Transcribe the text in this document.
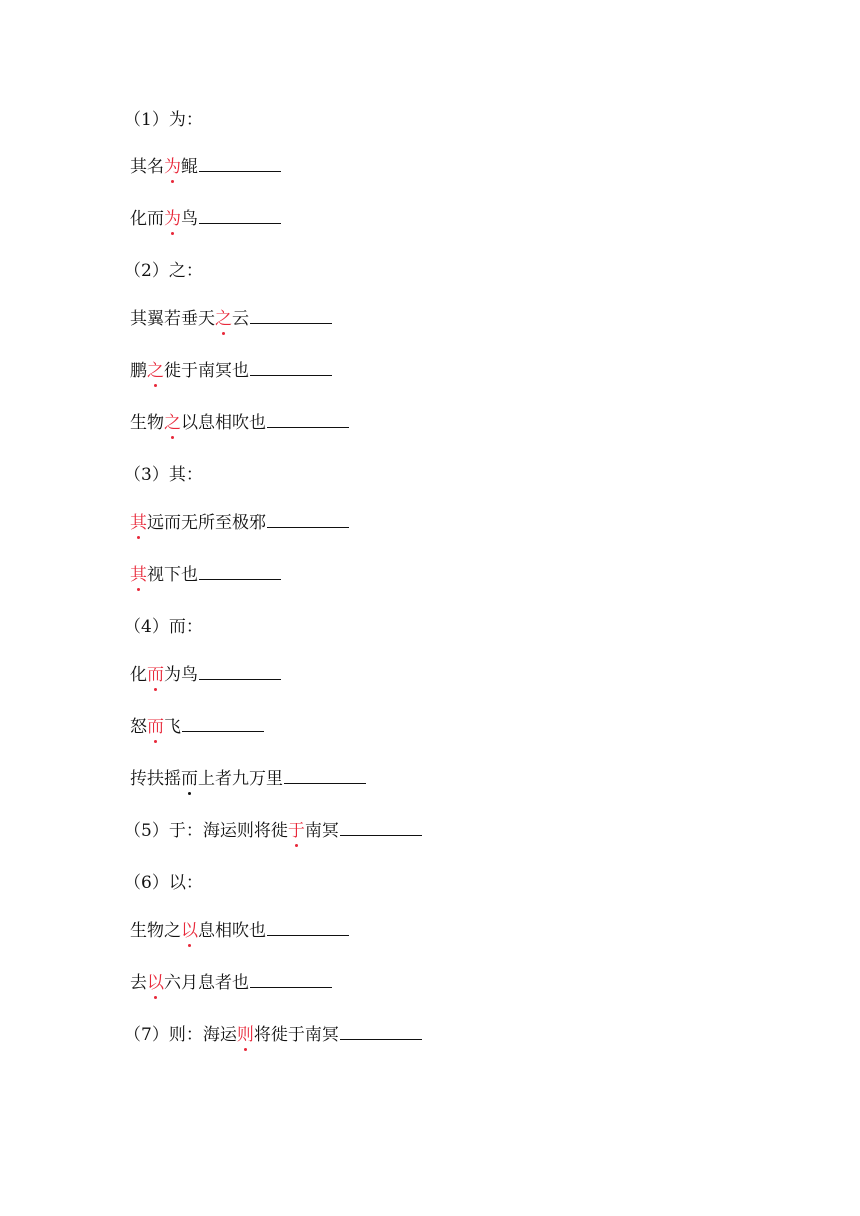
（1）为：
其名为鲲
化而为鸟
（2）之：
其翼若垂天之云
鹏之徙于南冥也
生物之以息相吹也
（3）其：
其远而无所至极邪
其视下也
（4）而：
化而为鸟
怒而飞
抟扶摇而上者九万里
（5）于：海运则将徙于南冥
（6）以：
生物之以息相吹也
去以六月息者也
（7）则：海运则将徙于南冥
